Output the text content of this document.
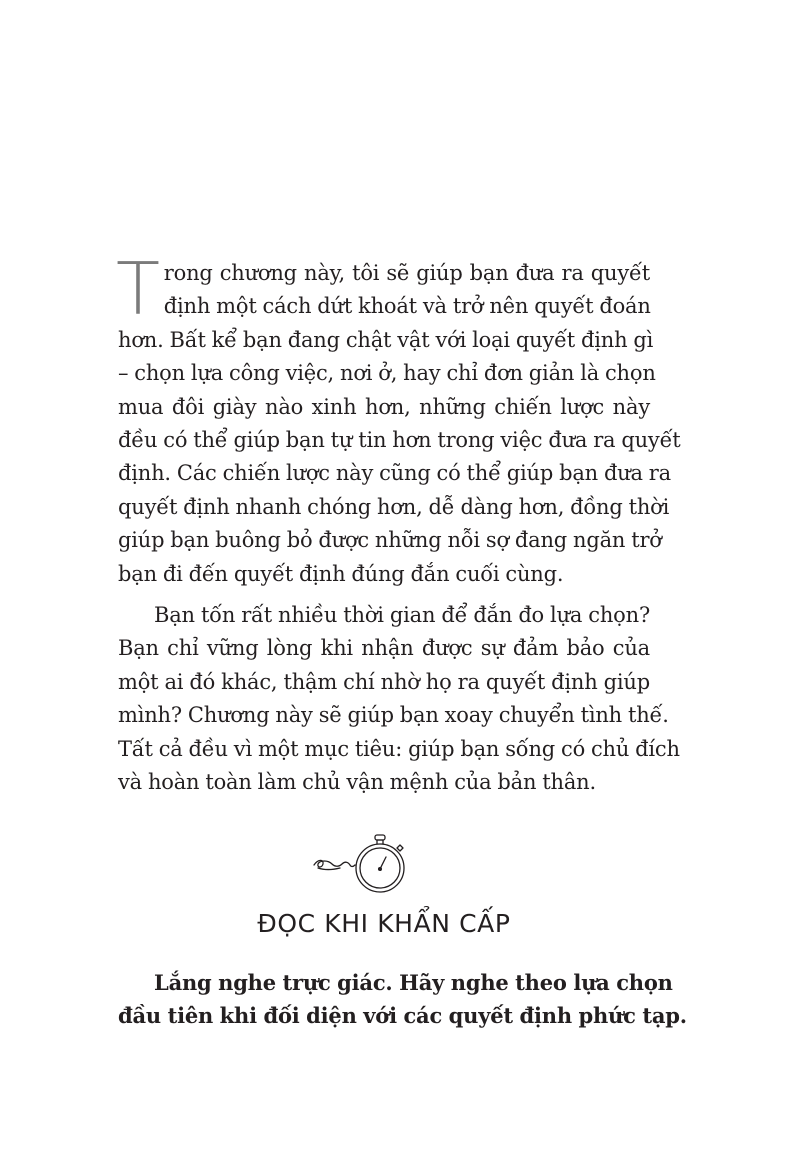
T rong chương này, tôi sẽ giúp bạn đưa ra quyết
định một cách dứt khoát và trở nên quyết đoán
hơn. Bất kể bạn đang chật vật với loại quyết định gì
– chọn lựa công việc, nơi ở, hay chỉ đơn giản là chọn
mua đôi giày nào xinh hơn, những chiến lược này
đều có thể giúp bạn tự tin hơn trong việc đưa ra quyết
định. Các chiến lược này cũng có thể giúp bạn đưa ra
quyết định nhanh chóng hơn, dễ dàng hơn, đồng thời
giúp bạn buông bỏ được những nỗi sợ đang ngăn trở
bạn đi đến quyết định đúng đắn cuối cùng.

Bạn tốn rất nhiều thời gian để đắn đo lựa chọn?
Bạn chỉ vững lòng khi nhận được sự đảm bảo của
một ai đó khác, thậm chí nhờ họ ra quyết định giúp
mình? Chương này sẽ giúp bạn xoay chuyển tình thế.
Tất cả đều vì một mục tiêu: giúp bạn sống có chủ đích
và hoàn toàn làm chủ vận mệnh của bản thân.

ĐỌC KHI KHẨN CẤP

Lắng nghe trực giác. Hãy nghe theo lựa chọn
đầu tiên khi đối diện với các quyết định phức tạp.
